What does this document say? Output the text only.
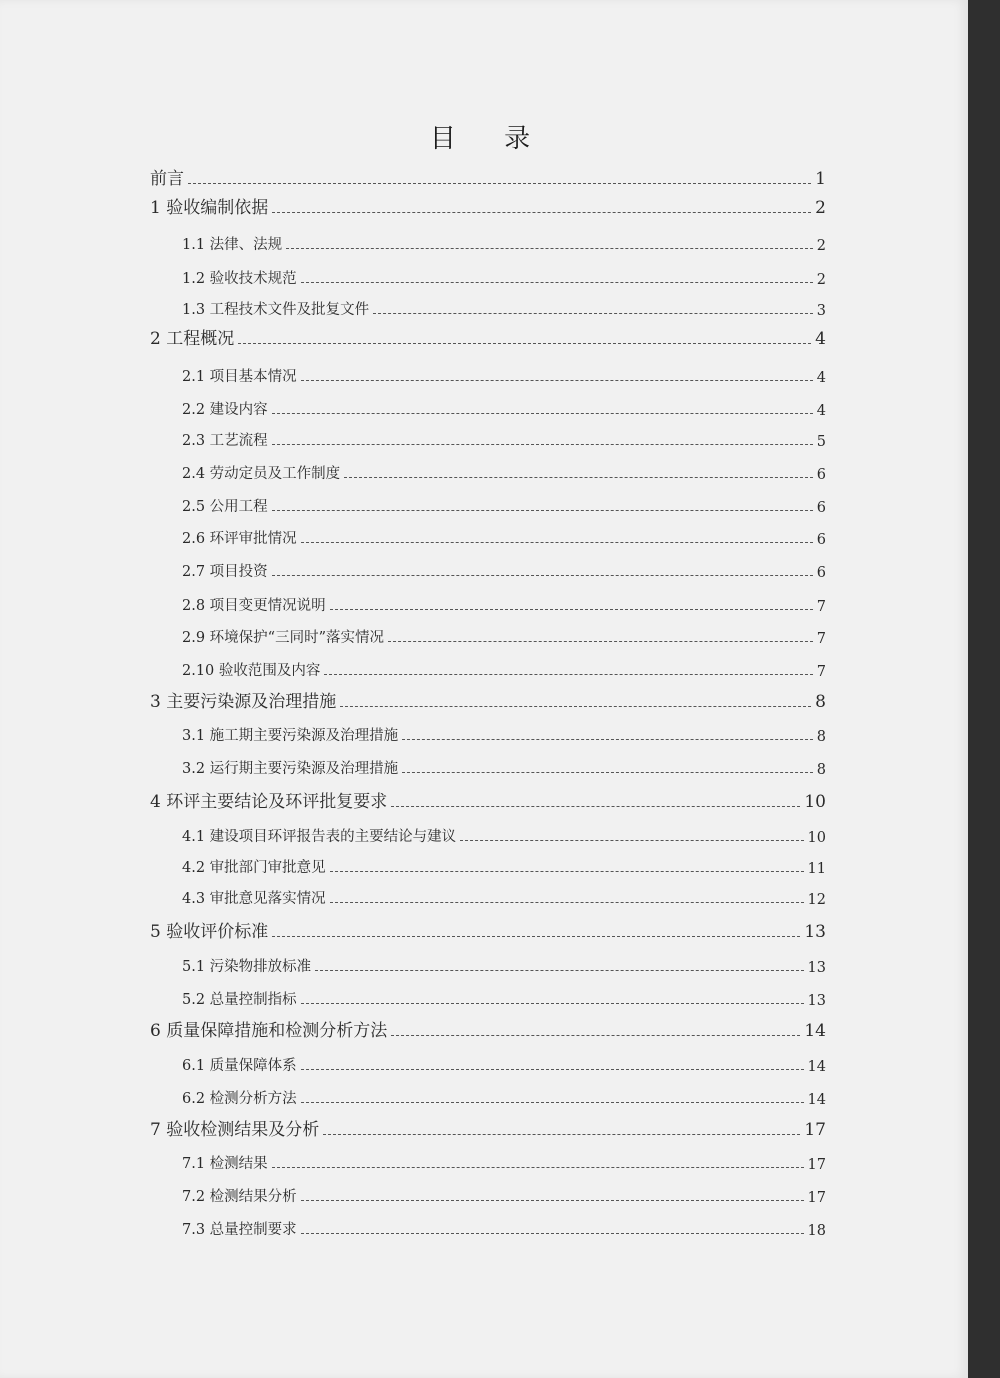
目 录
前言	1
1 验收编制依据	2
1.1 法律、法规	2
1.2 验收技术规范	2
1.3 工程技术文件及批复文件	3
2 工程概况	4
2.1 项目基本情况	4
2.2 建设内容	4
2.3 工艺流程	5
2.4 劳动定员及工作制度	6
2.5 公用工程	6
2.6 环评审批情况	6
2.7 项目投资	6
2.8 项目变更情况说明	7
2.9 环境保护“三同时”落实情况	7
2.10 验收范围及内容	7
3 主要污染源及治理措施	8
3.1 施工期主要污染源及治理措施	8
3.2 运行期主要污染源及治理措施	8
4 环评主要结论及环评批复要求	10
4.1 建设项目环评报告表的主要结论与建议	10
4.2 审批部门审批意见	11
4.3 审批意见落实情况	12
5 验收评价标准	13
5.1 污染物排放标准	13
5.2 总量控制指标	13
6 质量保障措施和检测分析方法	14
6.1 质量保障体系	14
6.2 检测分析方法	14
7 验收检测结果及分析	17
7.1 检测结果	17
7.2 检测结果分析	17
7.3 总量控制要求	18
